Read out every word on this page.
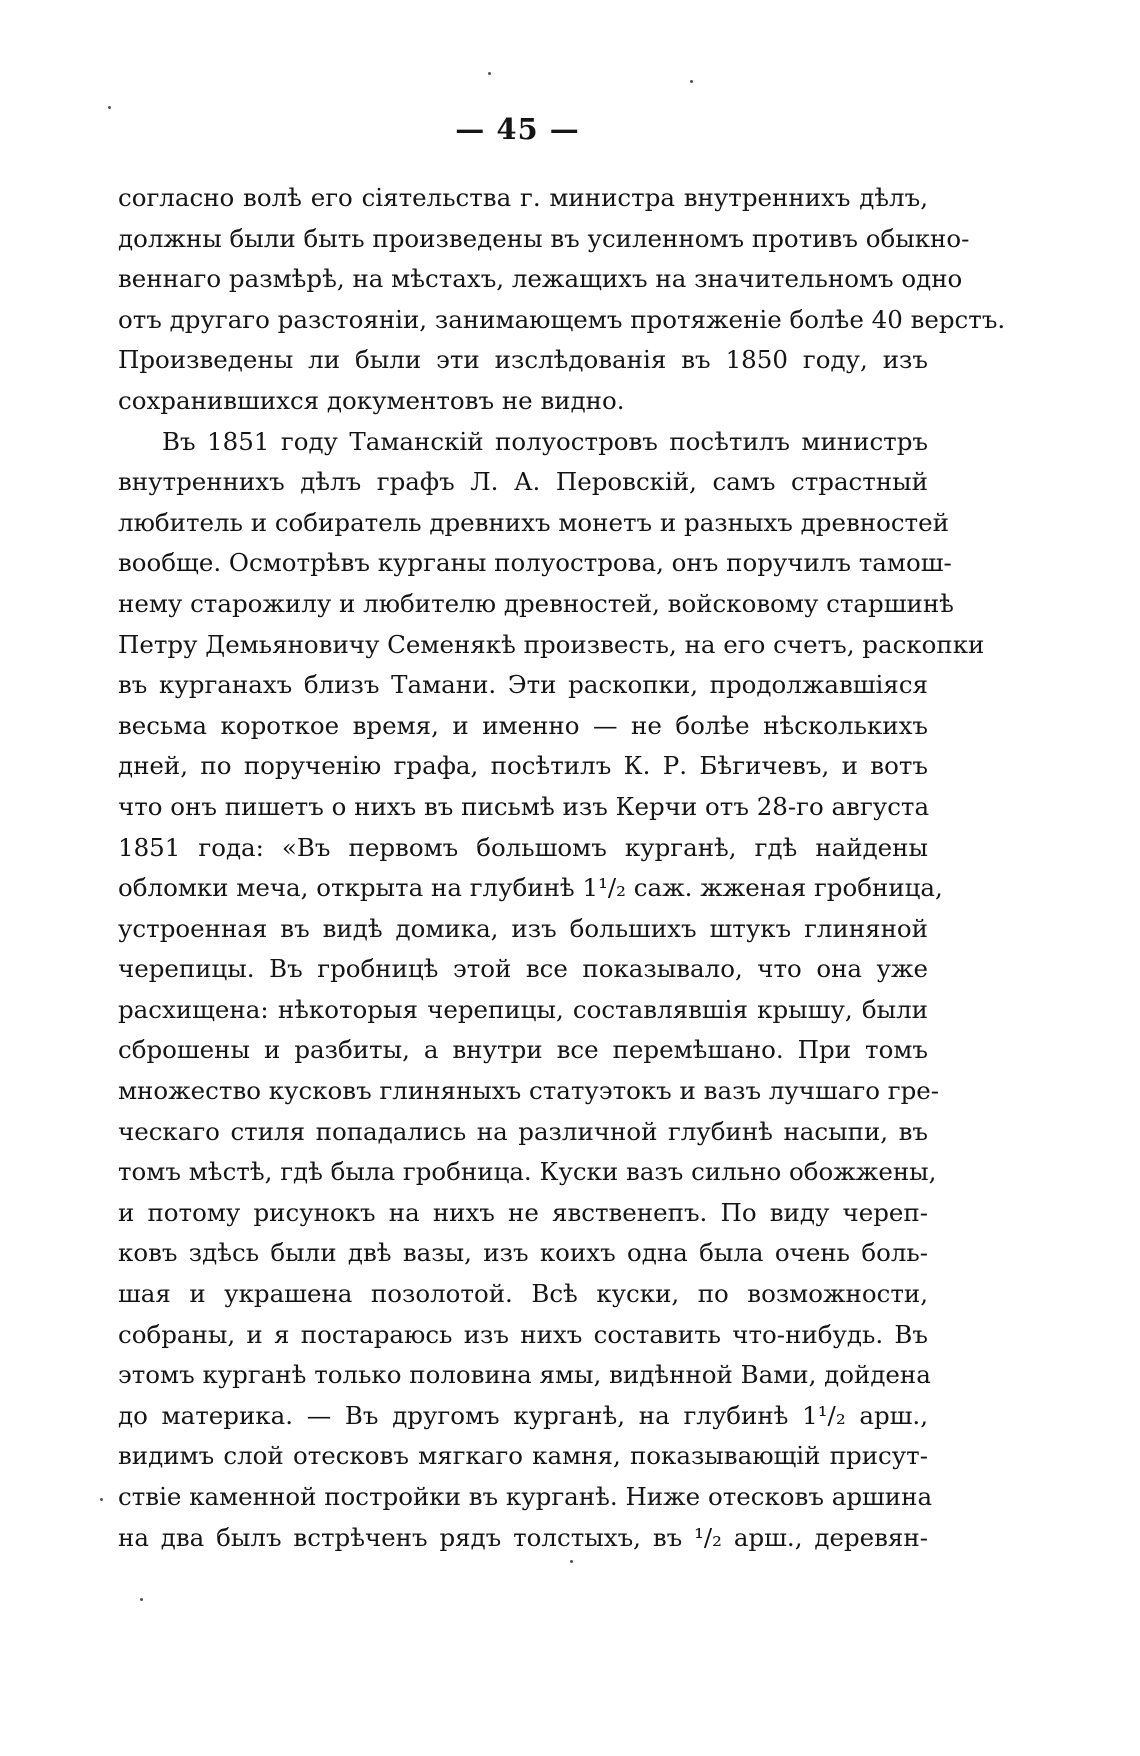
— 45 —
согласно волѣ его сіятельства г. министра внутреннихъ дѣлъ,
должны были быть произведены въ усиленномъ противъ обыкно-
веннаго размѣрѣ, на мѣстахъ, лежащихъ на значительномъ одно
отъ другаго разстояніи, занимающемъ протяженіе болѣе 40 верстъ.
Произведены ли были эти изслѣдованія въ 1850 году, изъ
сохранившихся документовъ не видно.
Въ 1851 году Таманскій полуостровъ посѣтилъ министръ
внутреннихъ дѣлъ графъ Л. А. Перовскій, самъ страстный
любитель и собиратель древнихъ монетъ и разныхъ древностей
вообще. Осмотрѣвъ курганы полуострова, онъ поручилъ тамош-
нему старожилу и любителю древностей, войсковому старшинѣ
Петру Демьяновичу Семенякѣ произвесть, на его счетъ, раскопки
въ курганахъ близъ Тамани. Эти раскопки, продолжавшіяся
весьма короткое время, и именно — не болѣе нѣсколькихъ
дней, по порученію графа, посѣтилъ К. Р. Бѣгичевъ, и вотъ
что онъ пишетъ о нихъ въ письмѣ изъ Керчи отъ 28-го августа
1851 года: «Въ первомъ большомъ курганѣ, гдѣ найдены
обломки меча, открыта на глубинѣ 1¹/₂ саж. жженая гробница,
устроенная въ видѣ домика, изъ большихъ штукъ глиняной
черепицы. Въ гробницѣ этой все показывало, что она уже
расхищена: нѣкоторыя черепицы, составлявшія крышу, были
сброшены и разбиты, а внутри все перемѣшано. При томъ
множество кусковъ глиняныхъ статуэтокъ и вазъ лучшаго гре-
ческаго стиля попадались на различной глубинѣ насыпи, въ
томъ мѣстѣ, гдѣ была гробница. Куски вазъ сильно обожжены,
и потому рисунокъ на нихъ не явственепъ. По виду череп-
ковъ здѣсь были двѣ вазы, изъ коихъ одна была очень боль-
шая и украшена позолотой. Всѣ куски, по возможности,
собраны, и я постараюсь изъ нихъ составить что-нибудь. Въ
этомъ курганѣ только половина ямы, видѣнной Вами, дойдена
до материка. — Въ другомъ курганѣ, на глубинѣ 1¹/₂ арш.,
видимъ слой отесковъ мягкаго камня, показывающій присут-
ствіе каменной постройки въ курганѣ. Ниже отесковъ аршина
на два былъ встрѣченъ рядъ толстыхъ, въ ¹/₂ арш., деревян-
